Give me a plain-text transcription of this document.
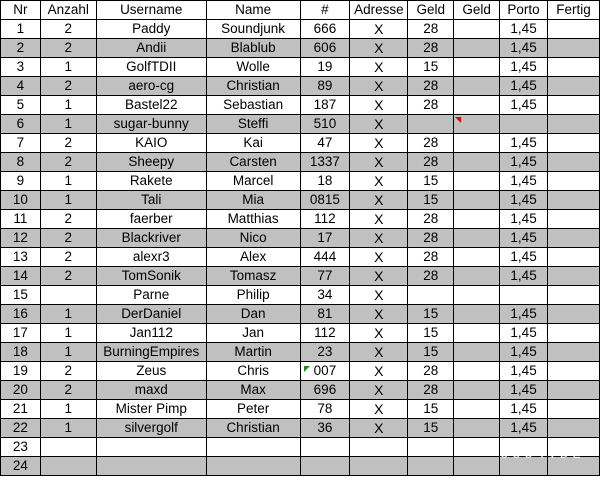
Nr	Anzahl	Username	Name	#	Adresse	Geld	Geld	Porto	Fertig
1	2	Paddy	Soundjunk	666	X	28		1,45	
2	2	Andii	Blablub	606	X	28		1,45	
3	1	GolfTDII	Wolle	19	X	15		1,45	
4	2	aero-cg	Christian	89	X	28		1,45	
5	1	Bastel22	Sebastian	187	X	28		1,45	
6	1	sugar-bunny	Steffi	510	X				
7	2	KAIO	Kai	47	X	28		1,45	
8	2	Sheepy	Carsten	1337	X	28		1,45	
9	1	Rakete	Marcel	18	X	15		1,45	
10	1	Tali	Mia	0815	X	15		1,45	
11	2	faerber	Matthias	112	X	28		1,45	
12	2	Blackriver	Nico	17	X	28		1,45	
13	2	alexr3	Alex	444	X	28		1,45	
14	2	TomSonik	Tomasz	77	X	28		1,45	
15		Parne	Philip	34	X				
16	1	DerDaniel	Dan	81	X	15		1,45	
17	1	Jan112	Jan	112	X	15		1,45	
18	1	BurningEmpires	Martin	23	X	15		1,45	
19	2	Zeus	Chris	007	X	28		1,45	
20	2	maxd	Max	696	X	28		1,45	
21	1	Mister Pimp	Peter	78	X	15		1,45	
22	1	silvergolf	Christian	36	X	15		1,45	
23									
24									
OOO4.DE
